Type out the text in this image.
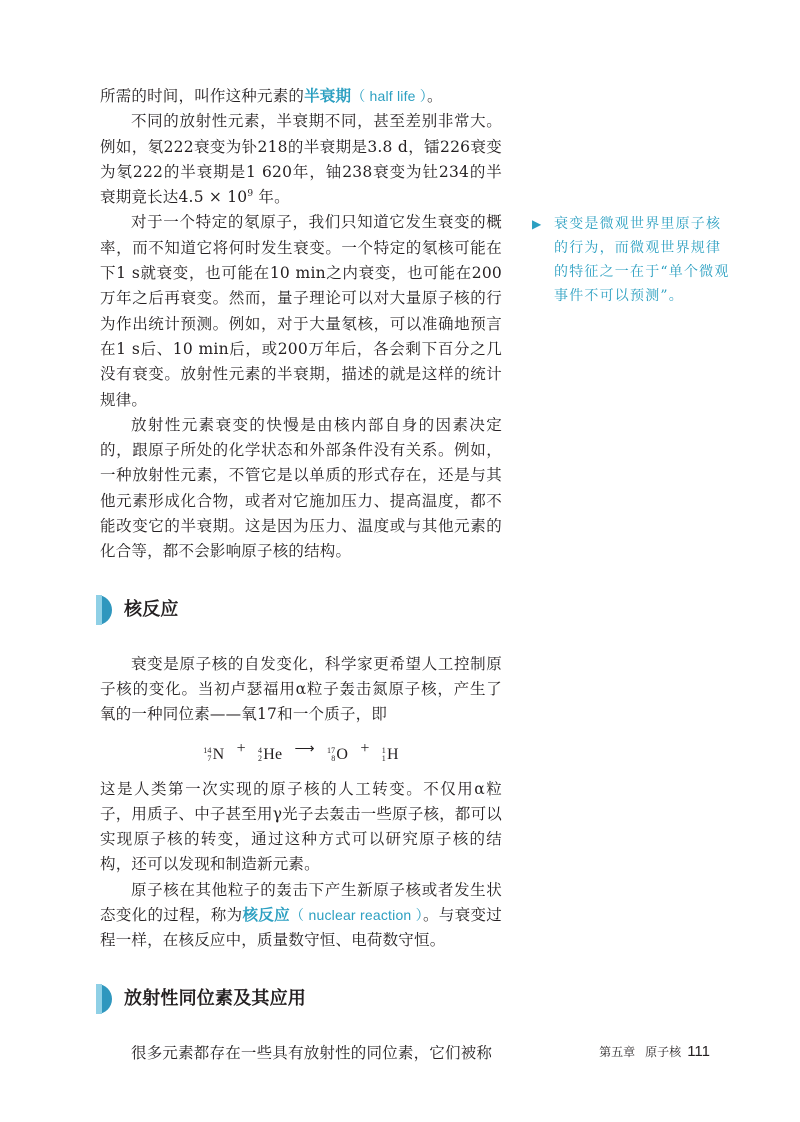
所需的时间，叫作这种元素的半衰期（ half life ）。

不同的放射性元素，半衰期不同，甚至差别非常大。例如，氡222衰变为钋218的半衰期是3.8 d，镭226衰变为氡222的半衰期是1 620年，铀238衰变为钍234的半衰期竟长达$4.5 \times 10^9$ 年。

对于一个特定的氡原子，我们只知道它发生衰变的概率，而不知道它将何时发生衰变。一个特定的氡核可能在下1 s就衰变，也可能在10 min之内衰变，也可能在200万年之后再衰变。然而，量子理论可以对大量原子核的行为作出统计预测。例如，对于大量氡核，可以准确地预言在1 s后、10 min后，或200万年后，各会剩下百分之几没有衰变。放射性元素的半衰期，描述的就是这样的统计规律。

放射性元素衰变的快慢是由核内部自身的因素决定的，跟原子所处的化学状态和外部条件没有关系。例如，一种放射性元素，不管它是以单质的形式存在，还是与其他元素形成化合物，或者对它施加压力、提高温度，都不能改变它的半衰期。这是因为压力、温度或与其他元素的化合等，都不会影响原子核的结构。

核反应

衰变是原子核的自发变化，科学家更希望人工控制原子核的变化。当初卢瑟福用α粒子轰击氮原子核，产生了氧的一种同位素——氧17和一个质子，即

14
7 N + 4
2 He ⟶ 17
8 O + 1
1 H

这是人类第一次实现的原子核的人工转变。不仅用α粒子，用质子、中子甚至用γ光子去轰击一些原子核，都可以实现原子核的转变，通过这种方式可以研究原子核的结构，还可以发现和制造新元素。

原子核在其他粒子的轰击下产生新原子核或者发生状态变化的过程，称为核反应（ nuclear reaction ）。与衰变过程一样，在核反应中，质量数守恒、电荷数守恒。

放射性同位素及其应用

很多元素都存在一些具有放射性的同位素，它们被称

▶ 衰变是微观世界里原子核的行为，而微观世界规律的特征之一在于“单个微观事件不可以预测”。
第五章 原子核 111
